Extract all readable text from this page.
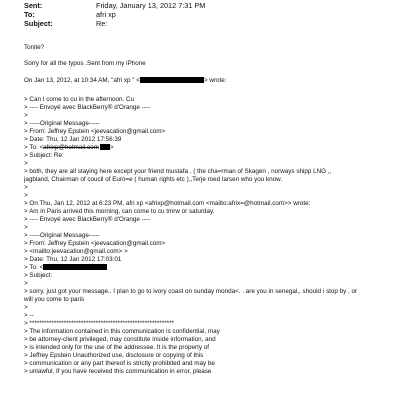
Sent:	Friday, January 13, 2012 7:31 PM
To:	afri xp
Subject:	Re:
Tonite?
Sorry for all the typos .Sent from my iPhone
On Jan 13, 2012, at 10:34 AM, "afri xp " <	> wrote:
> Can I come to cu in the afternoon. Cu
> ---- Envoyé avec BlackBerry® d'Orange ----
>
> -----Original Message-----
> From: Jeffrey Epstein <jeevacation@gmail.com>
> Date: Thu, 12 Jan 2012 17:56:39
> To: <afrixp@hotmail.com >
> Subject: Re:
>
> both, they are all staying here except your friend mustafa . ( the cha=rman of Skagen , norways shipp LNG ,,
jagbland, Chairman of coucil of Euro=e ( human rights etc ),,Terje roed larsen who you know.
>
>
> On Thu, Jan 12, 2012 at 6:23 PM, afri xp <afrixp@hotmail.com <mailto:afrix=@hotmail.com>> wrote:
> Am in Paris arrived this morning, can come to cu tmrw or saturday.
> ---- Envoyé avec BlackBerry® d'Orange ----
>
> -----Original Message-----
> From: Jeffrey Epstein <jeevacation@gmail.com>
> <mailto:jeevacation@gmail.com> >
> Date: Thu, 12 Jan 2012 17:03:01
> To: <
> Subject:
>
> sorry, just got your message.. I plan to go to ivory coast on sunday monda<. . are you in senegal,, should i stop by , or
will you come to paris
>
> --
> ***********************************************************
> The information contained in this communication is confidential, may
> be attorney-client privileged, may constitute inside information, and
> is intended only for the use of the addressee. It is the property of
> Jeffrey Epstein Unauthorized use, disclosure or copying of this
> communication or any part thereof is strictly prohibited and may be
> unlawful. If you have received this communication in error, please
